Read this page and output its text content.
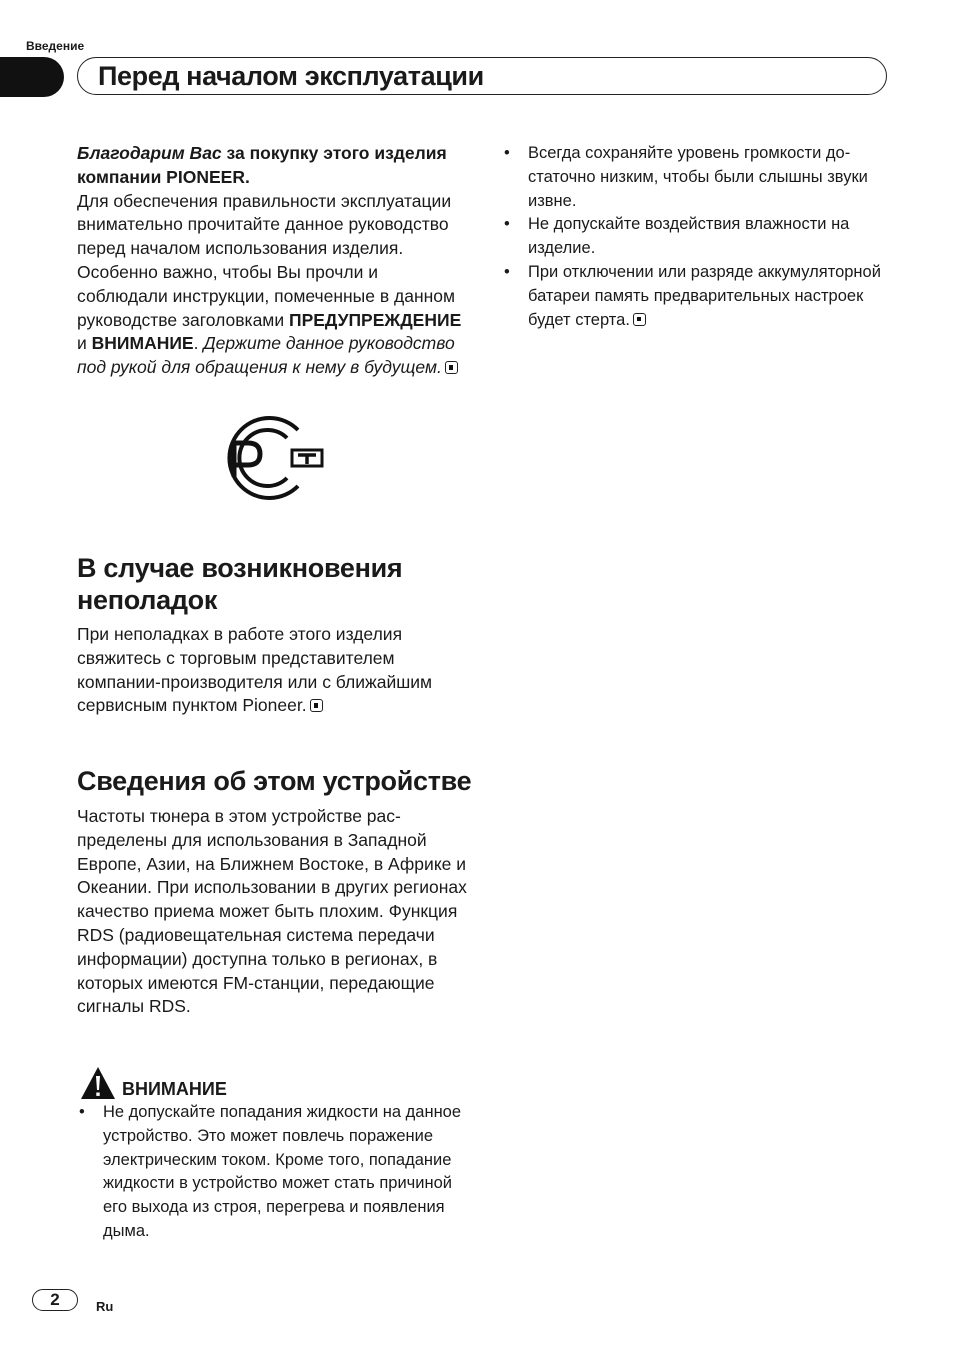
Введение
Перед началом эксплуатации

Благодарим Вас за покупку этого изделия компании PIONEER.

Для обеспечения правильности эксплуатации внимательно прочитайте данное руководство перед началом использования изделия. Особенно важно, чтобы Вы прочли и соблюдали инструкции, помеченные в данном руководстве заголовками ПРЕДУПРЕЖДЕНИЕ и ВНИМАНИЕ. Держите данное руководство под рукой для обращения к нему в будущем.

В случае возникновения неполадок

При неполадках в работе этого изделия свяжитесь с торговым представителем компании-производителя или с ближайшим сервисным пунктом Pioneer.

Сведения об этом устройстве

Частоты тюнера в этом устройстве распределены для использования в Западной Европе, Азии, на Ближнем Востоке, в Африке и Океании. При использовании в других регионах качество приема может быть плохим. Функция RDS (радиовещательная система передачи информации) доступна только в регионах, в которых имеются FM-станции, передающие сигналы RDS.

ВНИМАНИЕ
• Не допускайте попадания жидкости на данное устройство. Это может повлечь поражение электрическим током. Кроме того, попадание жидкости в устройство может стать причиной его выхода из строя, перегрева и появления дыма.
• Всегда сохраняйте уровень громкости достаточно низким, чтобы были слышны звуки извне.
• Не допускайте воздействия влажности на изделие.
• При отключении или разряде аккумуляторной батареи память предварительных настроек будет стерта.
2	Ru
